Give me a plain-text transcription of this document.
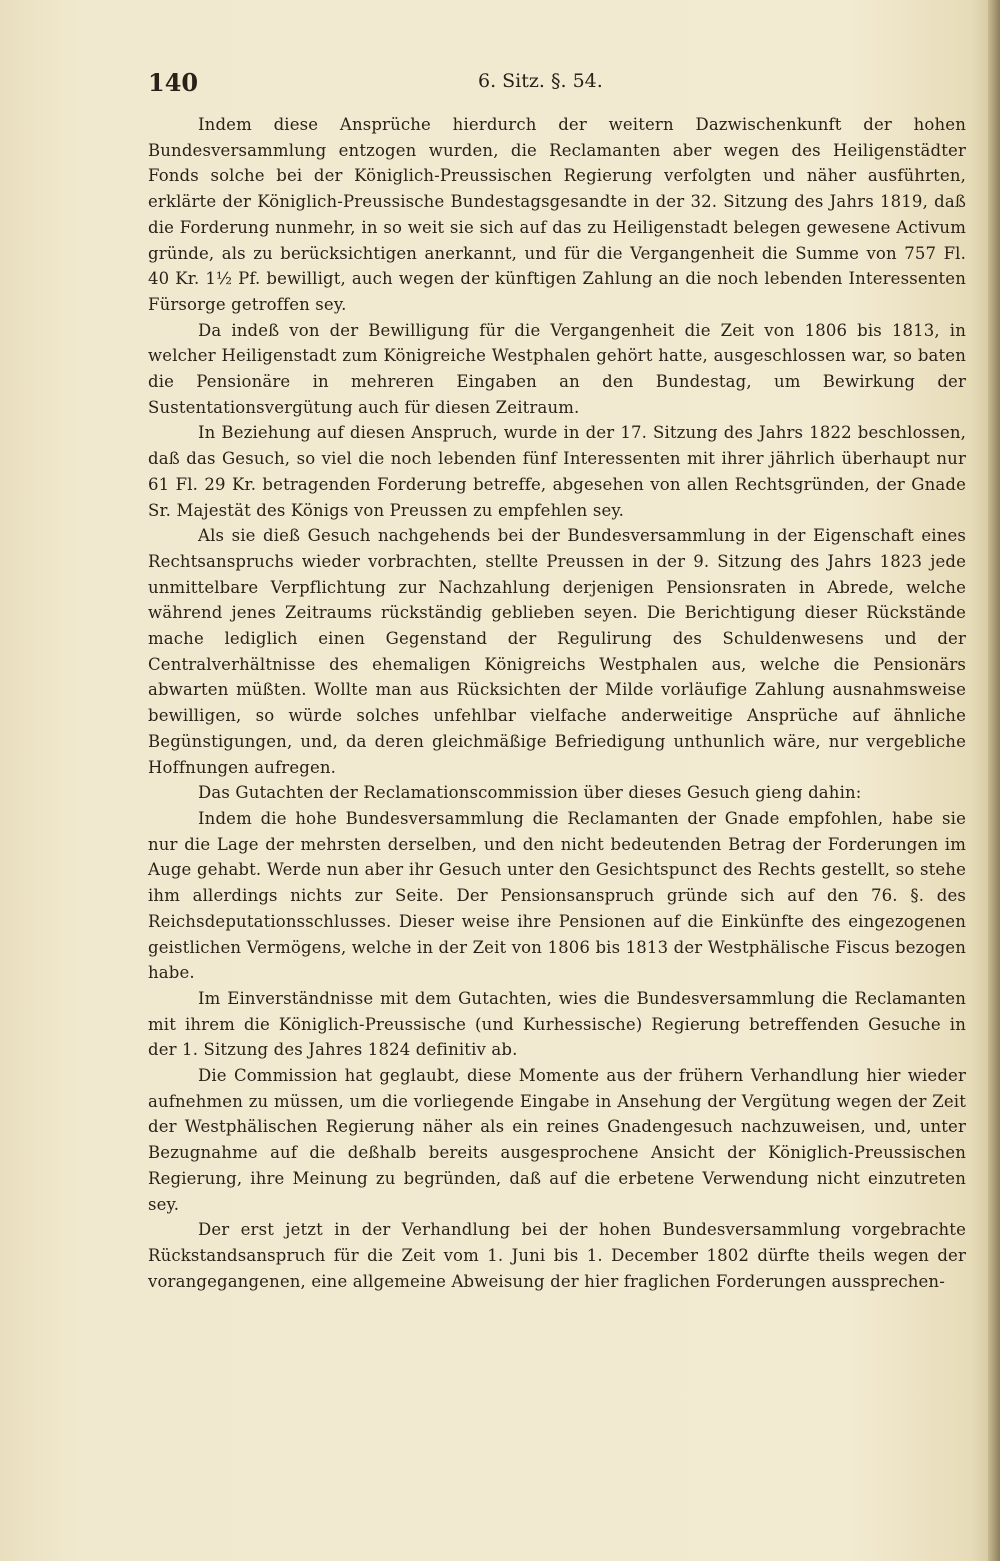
140	6. Sitz. §. 54.

Indem diese Ansprüche hierdurch der weitern Dazwischenkunft der hohen Bundesversammlung entzogen wurden, die Reclamanten aber wegen des Heiligenstädter Fonds solche bei der Königlich-Preussischen Regierung verfolgten und näher ausführten, erklärte der Königlich-Preussische Bundestagsgesandte in der 32. Sitzung des Jahrs 1819, daß die Forderung nunmehr, in so weit sie sich auf das zu Heiligenstadt belegen gewesene Activum gründe, als zu berücksichtigen anerkannt, und für die Vergangenheit die Summe von 757 Fl. 40 Kr. 1½ Pf. bewilligt, auch wegen der künftigen Zahlung an die noch lebenden Interessenten Fürsorge getroffen sey.

Da indeß von der Bewilligung für die Vergangenheit die Zeit von 1806 bis 1813, in welcher Heiligenstadt zum Königreiche Westphalen gehört hatte, ausgeschlossen war, so baten die Pensionäre in mehreren Eingaben an den Bundestag, um Bewirkung der Sustentationsvergütung auch für diesen Zeitraum.

In Beziehung auf diesen Anspruch, wurde in der 17. Sitzung des Jahrs 1822 beschlossen, daß das Gesuch, so viel die noch lebenden fünf Interessenten mit ihrer jährlich überhaupt nur 61 Fl. 29 Kr. betragenden Forderung betreffe, abgesehen von allen Rechtsgründen, der Gnade Sr. Majestät des Königs von Preussen zu empfehlen sey.

Als sie dieß Gesuch nachgehends bei der Bundesversammlung in der Eigenschaft eines Rechtsanspruchs wieder vorbrachten, stellte Preussen in der 9. Sitzung des Jahrs 1823 jede unmittelbare Verpflichtung zur Nachzahlung derjenigen Pensionsraten in Abrede, welche während jenes Zeitraums rückständig geblieben seyen. Die Berichtigung dieser Rückstände mache lediglich einen Gegenstand der Regulirung des Schuldenwesens und der Centralverhältnisse des ehemaligen Königreichs Westphalen aus, welche die Pensionärs abwarten müßten. Wollte man aus Rücksichten der Milde vorläufige Zahlung ausnahmsweise bewilligen, so würde solches unfehlbar vielfache anderweitige Ansprüche auf ähnliche Begünstigungen, und, da deren gleichmäßige Befriedigung unthunlich wäre, nur vergebliche Hoffnungen aufregen.

Das Gutachten der Reclamationscommission über dieses Gesuch gieng dahin:

Indem die hohe Bundesversammlung die Reclamanten der Gnade empfohlen, habe sie nur die Lage der mehrsten derselben, und den nicht bedeutenden Betrag der Forderungen im Auge gehabt. Werde nun aber ihr Gesuch unter den Gesichtspunct des Rechts gestellt, so stehe ihm allerdings nichts zur Seite. Der Pensionsanspruch gründe sich auf den 76. §. des Reichsdeputationsschlusses. Dieser weise ihre Pensionen auf die Einkünfte des eingezogenen geistlichen Vermögens, welche in der Zeit von 1806 bis 1813 der Westphälische Fiscus bezogen habe.

Im Einverständnisse mit dem Gutachten, wies die Bundesversammlung die Reclamanten mit ihrem die Königlich-Preussische (und Kurhessische) Regierung betreffenden Gesuche in der 1. Sitzung des Jahres 1824 definitiv ab.

Die Commission hat geglaubt, diese Momente aus der frühern Verhandlung hier wieder aufnehmen zu müssen, um die vorliegende Eingabe in Ansehung der Vergütung wegen der Zeit der Westphälischen Regierung näher als ein reines Gnadengesuch nachzuweisen, und, unter Bezugnahme auf die deßhalb bereits ausgesprochene Ansicht der Königlich-Preussischen Regierung, ihre Meinung zu begründen, daß auf die erbetene Verwendung nicht einzutreten sey.

Der erst jetzt in der Verhandlung bei der hohen Bundesversammlung vorgebrachte Rückstandsanspruch für die Zeit vom 1. Juni bis 1. December 1802 dürfte theils wegen der vorangegangenen, eine allgemeine Abweisung der hier fraglichen Forderungen aussprechen-
